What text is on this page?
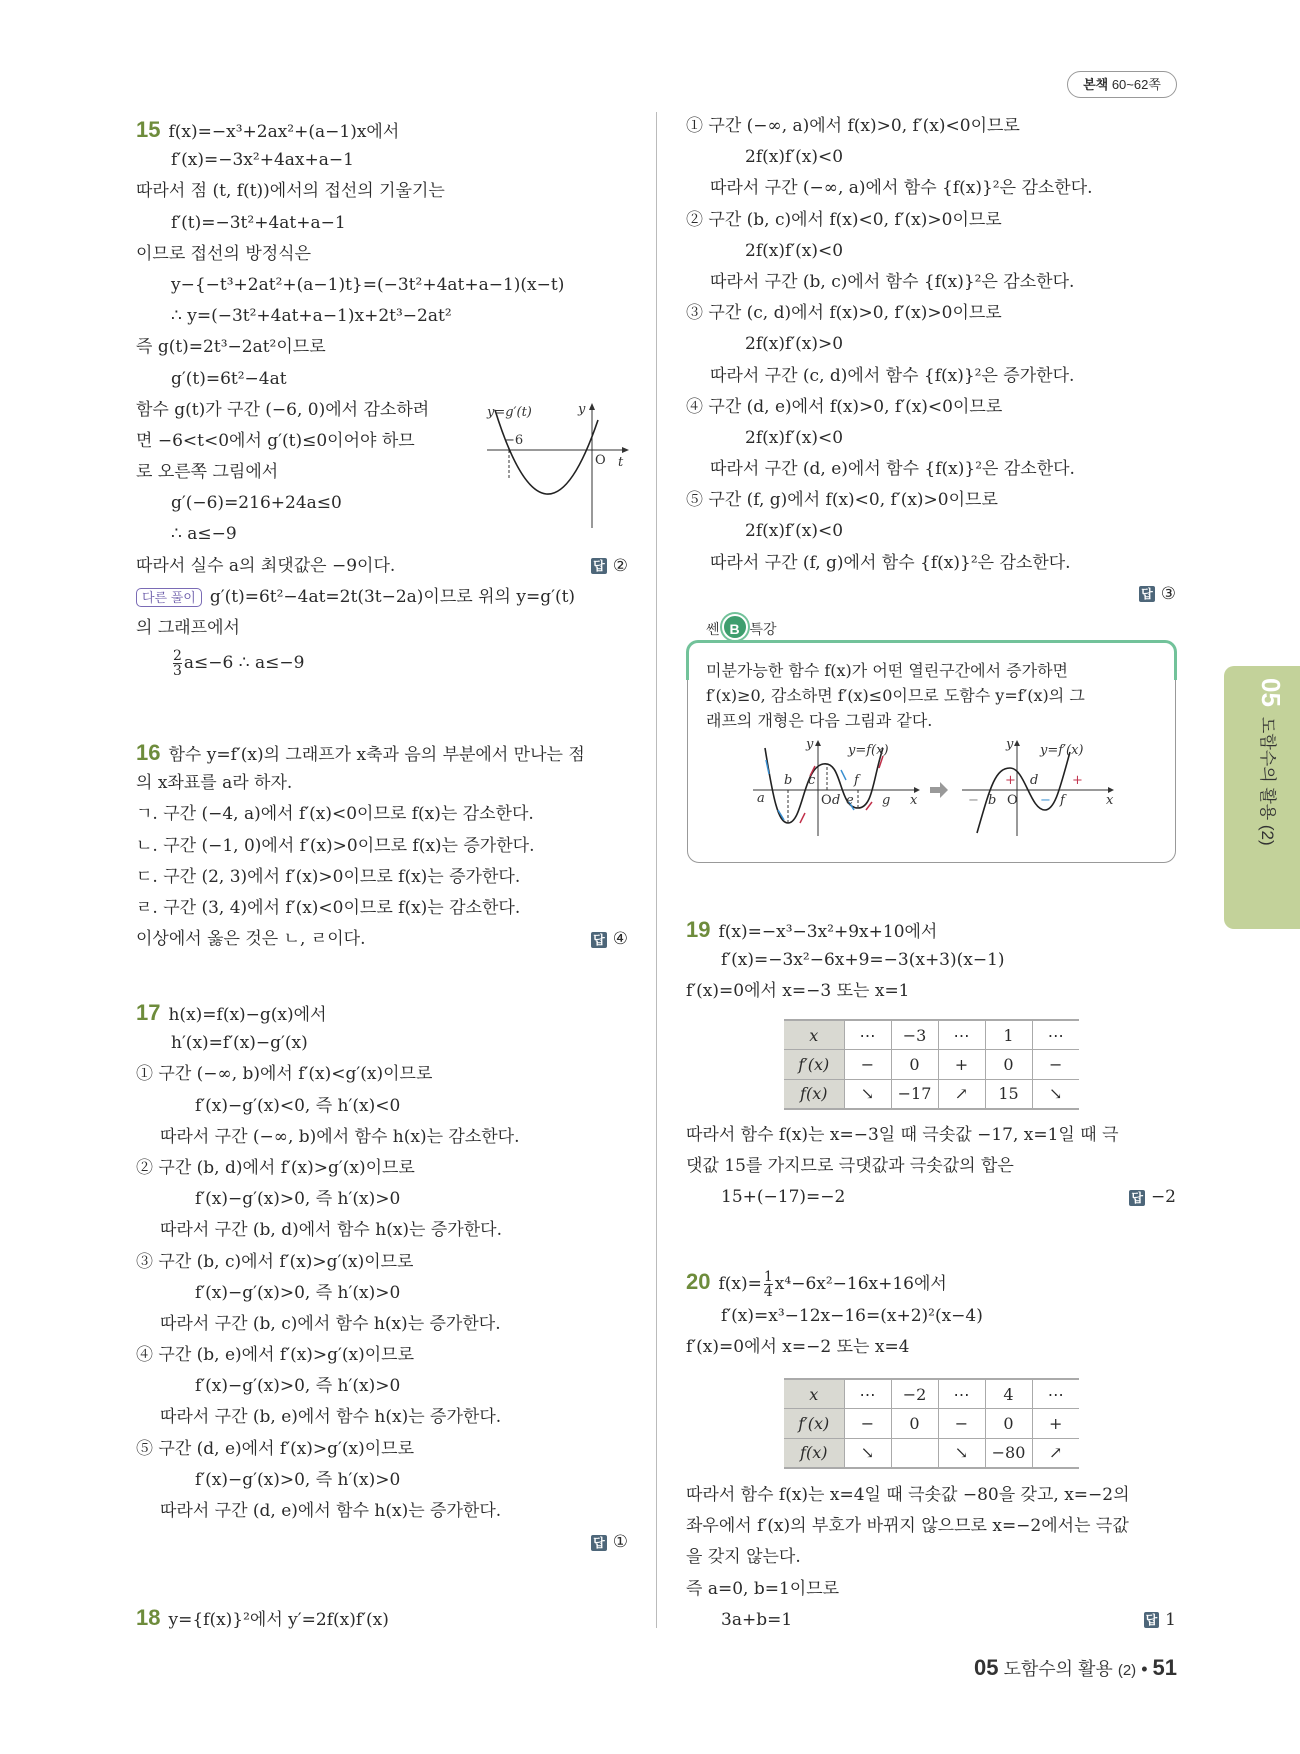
본책 60~62쪽
15 f(x)=−x³+2ax²+(a−1)x에서
f′(x)=−3x²+4ax+a−1
따라서 점 (t, f(t))에서의 접선의 기울기는
f′(t)=−3t²+4at+a−1
이므로 접선의 방정식은
y−{−t³+2at²+(a−1)t}=(−3t²+4at+a−1)(x−t)
∴ y=(−3t²+4at+a−1)x+2t³−2at²
즉 g(t)=2t³−2at²이므로
g′(t)=6t²−4at
함수 g(t)가 구간 (−6, 0)에서 감소하려
면 −6<t<0에서 g′(t)≤0이어야 하므
로 오른쪽 그림에서
g′(−6)=216+24a≤0
∴ a≤−9
따라서 실수 a의 최댓값은 −9이다.	답 ②
다른 풀이 g′(t)=6t²−4at=2t(3t−2a)이므로 위의 y=g′(t)
의 그래프에서
$\frac{2}{3} a\le-6$ ∴ a≤−9
y=g′(t)
−6
O t
y
16 함수 y=f′(x)의 그래프가 x축과 음의 부분에서 만나는 점
의 x좌표를 a라 하자.
ㄱ. 구간 (−4, a)에서 f′(x)<0이므로 f(x)는 감소한다.
ㄴ. 구간 (−1, 0)에서 f′(x)>0이므로 f(x)는 증가한다.
ㄷ. 구간 (2, 3)에서 f′(x)>0이므로 f(x)는 증가한다.
ㄹ. 구간 (3, 4)에서 f′(x)<0이므로 f(x)는 감소한다.
이상에서 옳은 것은 ㄴ, ㄹ이다.	답 ④
17 h(x)=f(x)−g(x)에서
h′(x)=f′(x)−g′(x)
① 구간 (−∞, b)에서 f′(x)<g′(x)이므로
f′(x)−g′(x)<0, 즉 h′(x)<0
따라서 구간 (−∞, b)에서 함수 h(x)는 감소한다.
② 구간 (b, d)에서 f′(x)>g′(x)이므로
f′(x)−g′(x)>0, 즉 h′(x)>0
따라서 구간 (b, d)에서 함수 h(x)는 증가한다.
③ 구간 (b, c)에서 f′(x)>g′(x)이므로
f′(x)−g′(x)>0, 즉 h′(x)>0
따라서 구간 (b, c)에서 함수 h(x)는 증가한다.
④ 구간 (b, e)에서 f′(x)>g′(x)이므로
f′(x)−g′(x)>0, 즉 h′(x)>0
따라서 구간 (b, e)에서 함수 h(x)는 증가한다.
⑤ 구간 (d, e)에서 f′(x)>g′(x)이므로
f′(x)−g′(x)>0, 즉 h′(x)>0
따라서 구간 (d, e)에서 함수 h(x)는 증가한다.
답 ①
18 y={f(x)}²에서 y′=2f(x)f′(x)
① 구간 (−∞, a)에서 f(x)>0, f′(x)<0이므로
2f(x)f′(x)<0
따라서 구간 (−∞, a)에서 함수 {f(x)}²은 감소한다.
② 구간 (b, c)에서 f(x)<0, f′(x)>0이므로
2f(x)f′(x)<0
따라서 구간 (b, c)에서 함수 {f(x)}²은 감소한다.
③ 구간 (c, d)에서 f(x)>0, f′(x)>0이므로
2f(x)f′(x)>0
따라서 구간 (c, d)에서 함수 {f(x)}²은 증가한다.
④ 구간 (d, e)에서 f(x)>0, f′(x)<0이므로
2f(x)f′(x)<0
따라서 구간 (d, e)에서 함수 {f(x)}²은 감소한다.
⑤ 구간 (f, g)에서 f(x)<0, f′(x)>0이므로
2f(x)f′(x)<0
따라서 구간 (f, g)에서 함수 {f(x)}²은 감소한다.
답 ③
쎈 B 특강
미분가능한 함수 f(x)가 어떤 열린구간에서 증가하면
f′(x)≥0, 감소하면 f′(x)≤0이므로 도함수 y=f′(x)의 그
래프의 개형은 다음 그림과 같다.
y=f(x)
y
x
a
b c
O d e
f
g
y=f′(x)
y
x
b O
d
f
+	+
−	−
05도함수의 활용 (2)
19 f(x)=−x³−3x²+9x+10에서
f′(x)=−3x²−6x+9=−3(x+3)(x−1)
f′(x)=0에서 x=−3 또는 x=1
x	⋯	−3	⋯	1	⋯
f′(x)	−	0	+	0	−
f(x)	↘	−17	↗	15	↘
따라서 함수 f(x)는 x=−3일 때 극솟값 −17, x=1일 때 극
댓값 15를 가지므로 극댓값과 극솟값의 합은
15+(−17)=−2	답 −2
20 $f(x)= \frac{1}{4} x^4-6x^2-16x+16$에서
f′(x)=x³−12x−16=(x+2)²(x−4)
f′(x)=0에서 x=−2 또는 x=4
x	⋯	−2	⋯	4	⋯
f′(x)	−	0	−	0	+
f(x)	↘		↘	−80	↗
따라서 함수 f(x)는 x=4일 때 극솟값 −80을 갖고, x=−2의
좌우에서 f′(x)의 부호가 바뀌지 않으므로 x=−2에서는 극값
을 갖지 않는다.
즉 a=0, b=1이므로
3a+b=1	답 1
05 도함수의 활용 (2) • 51
